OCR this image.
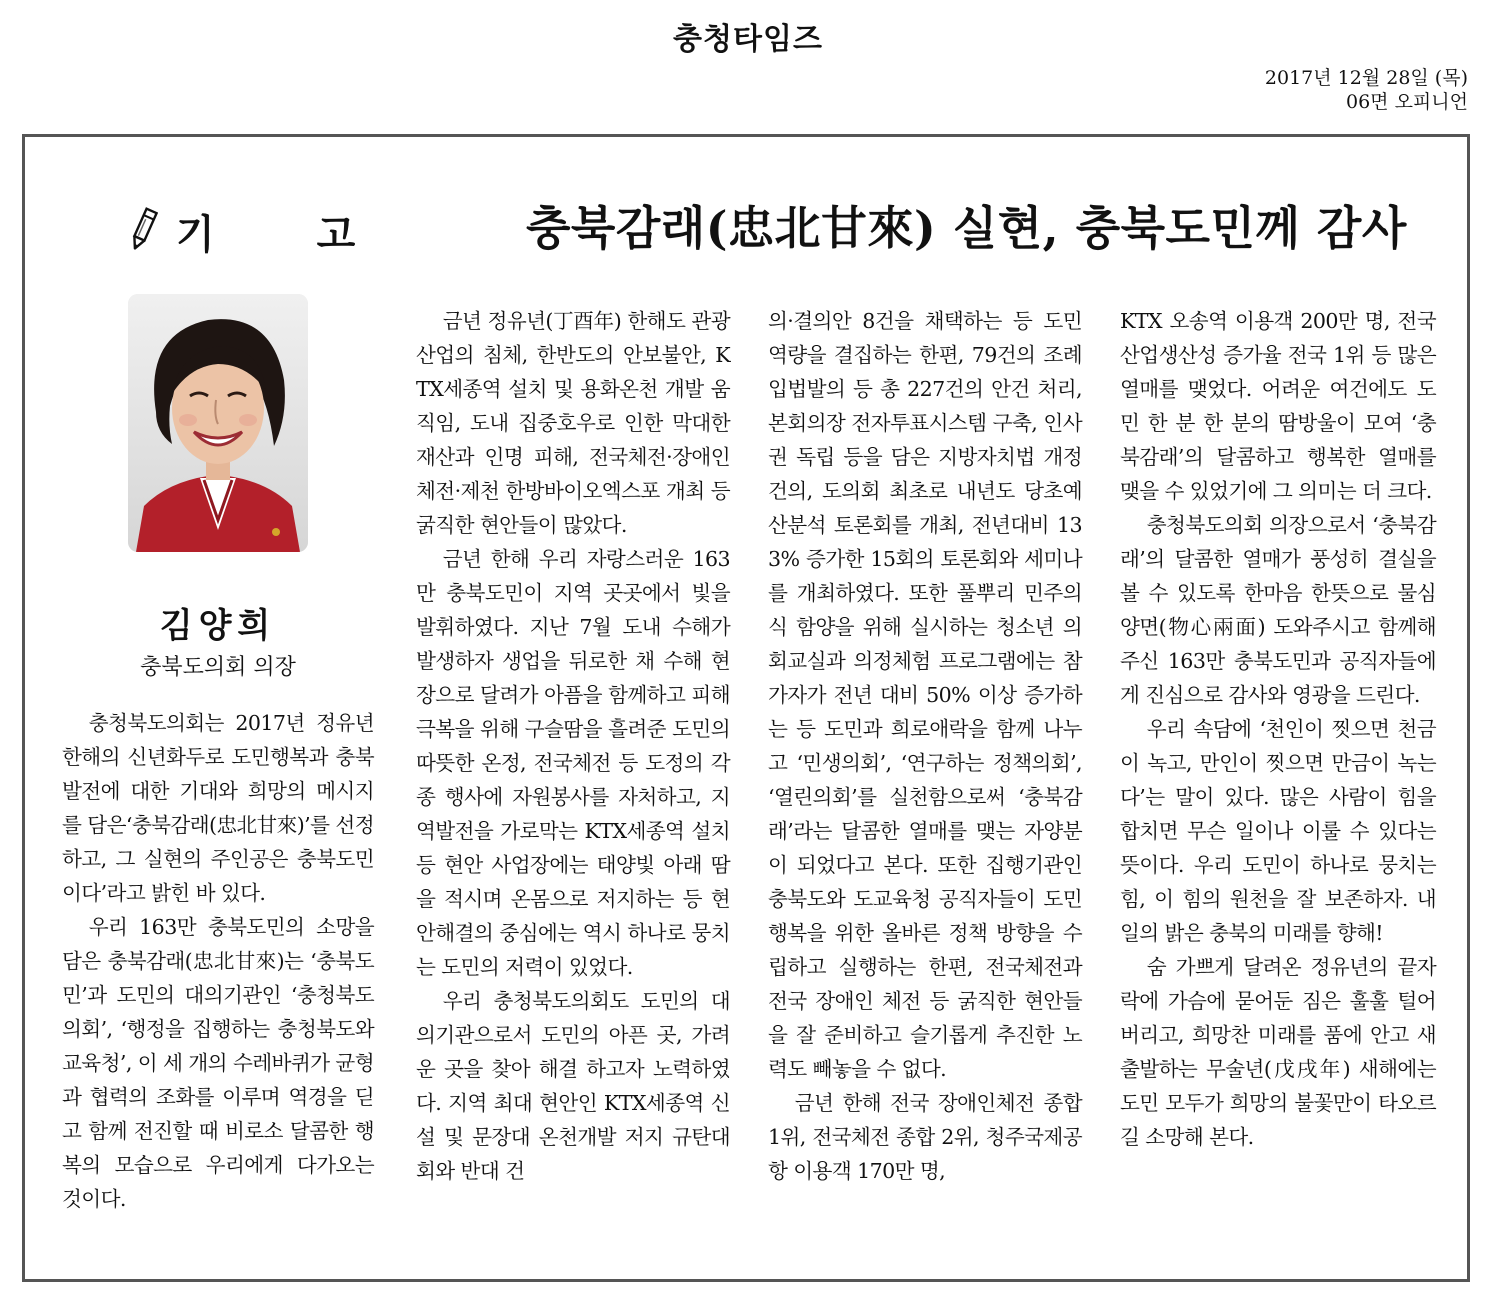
충청타임즈
2017년 12월 28일 (목)
06면 오피니언
기 고	충북감래(忠北甘來) 실현, 충북도민께 감사
김양희
충북도의회 의장

충청북도의회는 2017년 정유년 한해의 신년화두로 도민행복과 충북 발전에 대한 기대와 희망의 메시지를 담은‘충북감래(忠北甘來)’를 선정하고, 그 실현의 주인공은 충북도민이다’라고 밝힌 바 있다.

우리 163만 충북도민의 소망을 담은 충북감래(忠北甘來)는 ‘충북도민’과 도민의 대의기관인 ‘충청북도의회’, ‘행정을 집행하는 충청북도와 교육청’, 이 세 개의 수레바퀴가 균형과 협력의 조화를 이루며 역경을 딛고 함께 전진할 때 비로소 달콤한 행복의 모습으로 우리에게 다가오는 것이다.

금년 정유년(丁酉年) 한해도 관광산업의 침체, 한반도의 안보불안, KTX세종역 설치 및 용화온천 개발 움직임, 도내 집중호우로 인한 막대한 재산과 인명 피해, 전국체전·장애인체전·제천 한방바이오엑스포 개최 등 굵직한 현안들이 많았다.

금년 한해 우리 자랑스러운 163만 충북도민이 지역 곳곳에서 빛을 발휘하였다. 지난 7월 도내 수해가 발생하자 생업을 뒤로한 채 수해 현장으로 달려가 아픔을 함께하고 피해 극복을 위해 구슬땀을 흘려준 도민의 따뜻한 온정, 전국체전 등 도정의 각종 행사에 자원봉사를 자처하고, 지역발전을 가로막는 KTX세종역 설치 등 현안 사업장에는 태양빛 아래 땀을 적시며 온몸으로 저지하는 등 현안해결의 중심에는 역시 하나로 뭉치는 도민의 저력이 있었다.

우리 충청북도의회도 도민의 대의기관으로서 도민의 아픈 곳, 가려운 곳을 찾아 해결 하고자 노력하였다. 지역 최대 현안인 KTX세종역 신설 및 문장대 온천개발 저지 규탄대회와 반대 건

의·결의안 8건을 채택하는 등 도민 역량을 결집하는 한편, 79건의 조례 입법발의 등 총 227건의 안건 처리, 본회의장 전자투표시스템 구축, 인사권 독립 등을 담은 지방자치법 개정 건의, 도의회 최초로 내년도 당초예산분석 토론회를 개최, 전년대비 133% 증가한 15회의 토론회와 세미나를 개최하였다. 또한 풀뿌리 민주의식 함양을 위해 실시하는 청소년 의회교실과 의정체험 프로그램에는 참가자가 전년 대비 50% 이상 증가하는 등 도민과 희로애락을 함께 나누고 ‘민생의회’, ‘연구하는 정책의회’, ‘열린의회’를 실천함으로써 ‘충북감래’라는 달콤한 열매를 맺는 자양분이 되었다고 본다. 또한 집행기관인 충북도와 도교육청 공직자들이 도민 행복을 위한 올바른 정책 방향을 수립하고 실행하는 한편, 전국체전과 전국 장애인 체전 등 굵직한 현안들을 잘 준비하고 슬기롭게 추진한 노력도 빼놓을 수 없다.

금년 한해 전국 장애인체전 종합 1위, 전국체전 종합 2위, 청주국제공항 이용객 170만 명,

KTX 오송역 이용객 200만 명, 전국 산업생산성 증가율 전국 1위 등 많은 열매를 맺었다. 어려운 여건에도 도민 한 분 한 분의 땀방울이 모여 ‘충북감래’의 달콤하고 행복한 열매를 맺을 수 있었기에 그 의미는 더 크다.

충청북도의회 의장으로서 ‘충북감래’의 달콤한 열매가 풍성히 결실을 볼 수 있도록 한마음 한뜻으로 물심양면(物心兩面) 도와주시고 함께해 주신 163만 충북도민과 공직자들에게 진심으로 감사와 영광을 드린다.

우리 속담에 ‘천인이 찟으면 천금이 녹고, 만인이 찟으면 만금이 녹는다’는 말이 있다. 많은 사람이 힘을 합치면 무슨 일이나 이룰 수 있다는 뜻이다. 우리 도민이 하나로 뭉치는 힘, 이 힘의 원천을 잘 보존하자. 내일의 밝은 충북의 미래를 향해!

숨 가쁘게 달려온 정유년의 끝자락에 가슴에 묻어둔 짐은 훌훌 털어버리고, 희망찬 미래를 품에 안고 새 출발하는 무술년(戊戌年) 새해에는 도민 모두가 희망의 불꽃만이 타오르길 소망해 본다.
